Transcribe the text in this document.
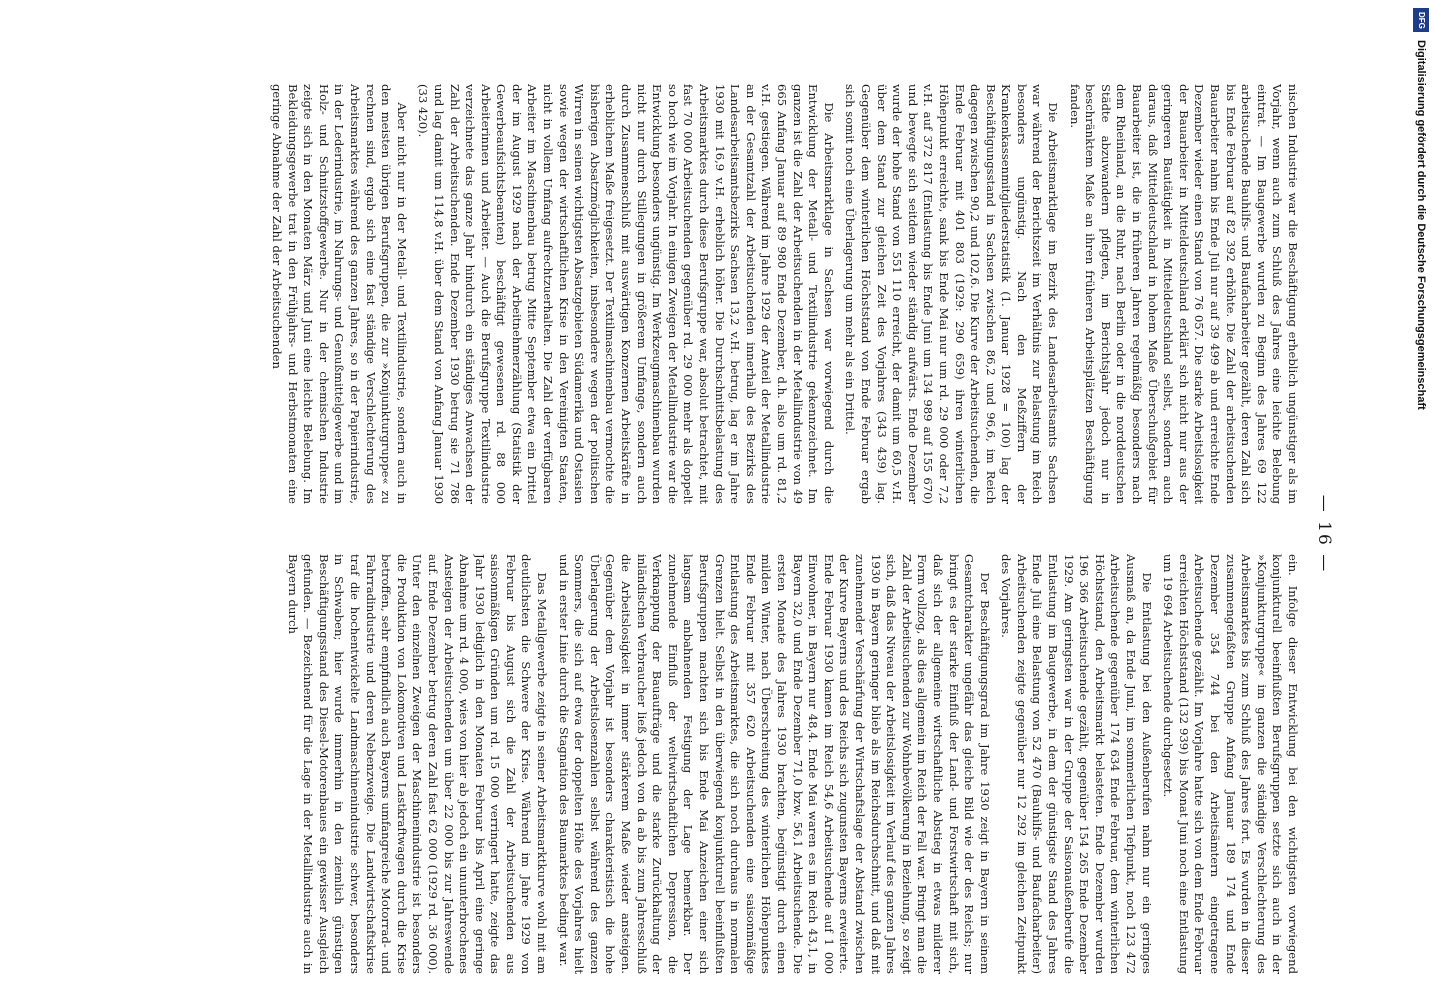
— 16 —

nischen Industrie war die Beschäftigung erheblich ungünstiger als im Vorjahr, wenn auch zum Schluß des Jahres eine leichte Belebung eintrat. — Im Baugewerbe wurden zu Beginn des Jahres 69 122 arbeitsuchende Bauhilfs- und Baufacharbeiter gezählt, deren Zahl sich bis Ende Februar auf 82 392 erhöhte. Die Zahl der arbeitsuchenden Bauarbeiter nahm bis Ende Juli nur auf 39 499 ab und erreichte Ende Dezember wieder einen Stand von 76 057. Die starke Arbeitslosigkeit der Bauarbeiter in Mitteldeutschland erklärt sich nicht nur aus der geringeren Bautätigkeit in Mitteldeutschland selbst, sondern auch daraus, daß Mitteldeutschland in hohem Maße Überschußgebiet für Bauarbeiter ist, die in früheren Jahren regelmäßig besonders nach dem Rheinland, an die Ruhr, nach Berlin oder in die norddeutschen Städte abzuwandern pflegten, im Berichtsjahr jedoch nur in beschränktem Maße an ihren früheren Arbeitsplätzen Beschäftigung fanden.

Die Arbeitsmarktlage im Bezirk des Landesarbeitsamts Sachsen war während der Berichtszeit im Verhältnis zur Belastung im Reich besonders ungünstig. Nach den Meßziffern der Krankenkassenmitgliederstatistik (1. Januar 1928 = 100) lag der Beschäftigungsstand in Sachsen zwischen 86,2 und 96,6, im Reich dagegen zwischen 90,2 und 102,6. Die Kurve der Arbeitsuchenden, die Ende Februar mit 401 803 (1929: 290 659) ihren winterlichen Höhepunkt erreichte, sank bis Ende Mai nur um rd. 29 000 oder 7,2 v.H. auf 372 817 (Entlastung bis Ende Juni um 134 989 auf 155 670) und bewegte sich seitdem wieder ständig aufwärts. Ende Dezember wurde der hohe Stand von 551 110 erreicht, der damit um 60,5 v.H. über dem Stand zur gleichen Zeit des Vorjahres (343 439) lag. Gegenüber dem winterlichen Höchststand von Ende Februar ergab sich somit noch eine Überlagerung um mehr als ein Drittel.

Die Arbeitsmarktlage in Sachsen war vorwiegend durch die Entwicklung der Metall- und Textilindustrie gekennzeichnet. Im ganzen ist die Zahl der Arbeitsuchenden in der Metallindustrie von 49 665 Anfang Januar auf 89 980 Ende Dezember, d.h. also um rd. 81,2 v.H. gestiegen. Während im Jahre 1929 der Anteil der Metallindustrie an der Gesamtzahl der Arbeitsuchenden innerhalb des Bezirks des Landesarbeitsamtsbezirks Sachsen 13,2 v.H. betrug, lag er im Jahre 1930 mit 16,9 v.H. erheblich höher. Die Durchschnittsbelastung des Arbeitsmarktes durch diese Berufsgruppe war, absolut betrachtet, mit fast 70 000 Arbeitsuchenden gegenüber rd. 29 000 mehr als doppelt so hoch wie im Vorjahr. In einigen Zweigen der Metallindustrie war die Entwicklung besonders ungünstig. Im Werkzeugmaschinenbau wurden nicht nur durch Stillegungen in größerem Umfange, sondern auch durch Zusammenschluß mit auswärtigen Konzernen Arbeitskräfte in erheblichem Maße freigesetzt. Der Textilmaschinenbau vermochte die bisherigen Absatzmöglichkeiten, insbesondere wegen der politischen Wirren in seinen wichtigsten Absatzgebieten Südamerika und Ostasien sowie wegen der wirtschaftlichen Krise in den Vereinigten Staaten, nicht in vollem Umfang aufrechtzuerhalten. Die Zahl der verfügbaren Arbeiter im Maschinenbau betrug Mitte September etwa ein Drittel der im August 1929 nach der Arbeitnehmerzählung (Statistik der Gewerbeaufsichtsbeamten) beschäftigt gewesenen rd. 88 000 Arbeiterinnen und Arbeiter. — Auch die Berufsgruppe Textilindustrie verzeichnete das ganze Jahr hindurch ein ständiges Anwachsen der Zahl der Arbeitsuchenden. Ende Dezember 1930 betrug sie 71 786 und lag damit um 114,8 v.H. über dem Stand von Anfang Januar 1930 (33 420).

Aber nicht nur in der Metall- und Textilindustrie, sondern auch in den meisten übrigen Berufsgruppen, die zur »Konjunkturgruppe« zu rechnen sind, ergab sich eine fast ständige Verschlechterung des Arbeitsmarktes während des ganzen Jahres, so in der Papierindustrie, in der Lederindustrie, im Nahrungs- und Genußmittelgewerbe und im Holz- und Schnitzstoffgewerbe. Nur in der chemischen Industrie zeigte sich in den Monaten März und Juni eine leichte Belebung. Im Bekleidungsgewerbe trat in den Frühjahrs- und Herbstmonaten eine geringe Abnahme der Zahl der Arbeitsuchenden

ein. Infolge dieser Entwicklung bei den wichtigsten vorwiegend konjunkturell beeinflußten Berufsgruppen setzte sich auch in der »Konjunkturgruppe« im ganzen die ständige Verschlechterung des Arbeitsmarktes bis zum Schluß des Jahres fort. Es wurden in dieser zusammengefaßten Gruppe Anfang Januar 189 174 und Ende Dezember 354 744 bei den Arbeitsämtern eingetragene Arbeitsuchende gezählt. Im Vorjahre hatte sich von dem Ende Februar erreichten Höchststand (132 939) bis Monat Juni noch eine Entlastung um 19 694 Arbeitsuchende durchgesetzt.

Die Entlastung bei den Außenberufen nahm nur ein geringes Ausmaß an, da Ende Juni, im sommerlichen Tiefpunkt, noch 123 472 Arbeitsuchende gegenüber 174 634 Ende Februar, dem winterlichen Höchststand, den Arbeitsmarkt belasteten. Ende Dezember wurden 196 366 Arbeitsuchende gezählt, gegenüber 154 265 Ende Dezember 1929. Am geringsten war in der Gruppe der Saisonaußenberufe die Entlastung im Baugewerbe, in dem der günstigste Stand des Jahres Ende Juli eine Belastung von 52 470 (Bauhilfs- und Baufacharbeiter) Arbeitsuchenden zeigte gegenüber nur 12 292 im gleichen Zeitpunkt des Vorjahres.

Der Beschäftigungsgrad im Jahre 1930 zeigt in Bayern in seinem Gesamtcharakter ungefähr das gleiche Bild wie der des Reichs; nur bringt es der starke Einfluß der Land- und Forstwirtschaft mit sich, daß sich der allgemeine wirtschaftliche Abstieg in etwas milderer Form vollzog, als dies allgemein im Reich der Fall war. Bringt man die Zahl der Arbeitsuchenden zur Wohnbevölkerung in Beziehung, so zeigt sich, daß das Niveau der Arbeitslosigkeit im Verlauf des ganzen Jahres 1930 in Bayern geringer blieb als im Reichsdurchschnitt, und daß mit zunehmender Verschärfung der Wirtschaftslage der Abstand zwischen der Kurve Bayerns und des Reichs sich zugunsten Bayerns erweiterte. Ende Februar 1930 kamen im Reich 54,6 Arbeitsuchende auf 1 000 Einwohner, in Bayern nur 48,4. Ende Mai waren es im Reich 43,1, in Bayern 32,0 und Ende Dezember 71,0 bzw. 56,1 Arbeitsuchende. Die ersten Monate des Jahres 1930 brachten, begünstigt durch einen milden Winter, nach Überschreitung des winterlichen Höhepunktes Ende Februar mit 357 620 Arbeitsuchenden eine saisonmäßige Entlastung des Arbeitsmarktes, die sich noch durchaus in normalen Grenzen hielt. Selbst in den überwiegend konjunkturell beeinflußten Berufsgruppen machten sich bis Ende Mai Anzeichen einer sich langsam anbahnenden Festigung der Lage bemerkbar. Der zunehmende Einfluß der weltwirtschaftlichen Depression, die Verknappung der Bauaufträge und die starke Zurückhaltung der inländischen Verbraucher ließ jedoch von da ab bis zum Jahresschluß die Arbeitslosigkeit in immer stärkerem Maße wieder ansteigen. Gegenüber dem Vorjahr ist besonders charakteristisch die hohe Überlagerung der Arbeitslosenzahlen selbst während des ganzen Sommers, die sich auf etwa der doppelten Höhe des Vorjahres hielt und in erster Linie durch die Stagnation des Baumarktes bedingt war.

Das Metallgewerbe zeigte in seiner Arbeitsmarktkurve wohl mit am deutlichsten die Schwere der Krise. Während im Jahre 1929 von Februar bis August sich die Zahl der Arbeitsuchenden aus saisonmäßigen Gründen um rd. 15 000 verringert hatte, zeigte das Jahr 1930 lediglich in den Monaten Februar bis April eine geringe Abnahme um rd. 4 000, wies von hier ab jedoch ein ununterbrochenes Ansteigen der Arbeitsuchenden um über 22 000 bis zur Jahreswende auf. Ende Dezember betrug deren Zahl fast 62 000 (1929 rd. 36 000). Unter den einzelnen Zweigen der Maschinenindustrie ist besonders die Produktion von Lokomotiven und Lastkraftwagen durch die Krise betroffen, sehr empfindlich auch Bayerns umfangreiche Motorrad- und Fahrradindustrie und deren Nebenzweige. Die Landwirtschaftskrise traf die hochentwickelte Landmaschinenindustrie schwer, besonders in Schwaben; hier wurde immerhin in den ziemlich günstigen Beschäftigungsstand des Diesel-Motorenbaues ein gewisser Ausgleich gefunden. — Bezeichnend für die Lage in der Metallindustrie auch in Bayern durch

DFG
Digitalisierung gefördert durch die Deutsche Forschungsgemeinschaft
